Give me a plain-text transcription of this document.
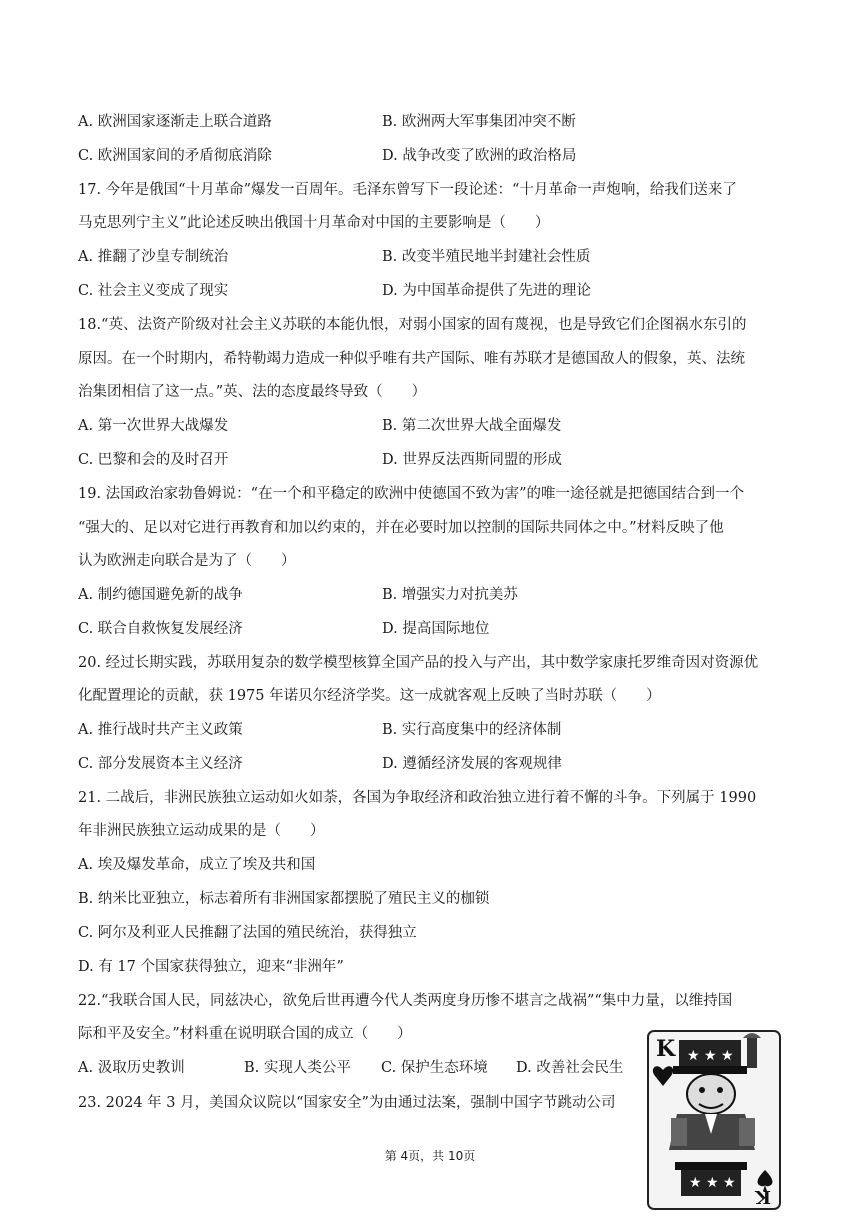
A. 欧洲国家逐渐走上联合道路	B. 欧洲两大军事集团冲突不断
C. 欧洲国家间的矛盾彻底消除	D. 战争改变了欧洲的政治格局
17. 今年是俄国“十月革命”爆发一百周年。毛泽东曾写下一段论述：“十月革命一声炮响，给我们送来了
马克思列宁主义”此论述反映出俄国十月革命对中国的主要影响是（　　）
A. 推翻了沙皇专制统治	B. 改变半殖民地半封建社会性质
C. 社会主义变成了现实	D. 为中国革命提供了先进的理论
18.“英、法资产阶级对社会主义苏联的本能仇恨，对弱小国家的固有蔑视，也是导致它们企图祸水东引的
原因。在一个时期内，希特勒竭力造成一种似乎唯有共产国际、唯有苏联才是德国敌人的假象，英、法统
治集团相信了这一点。”英、法的态度最终导致（　　）
A. 第一次世界大战爆发	B. 第二次世界大战全面爆发
C. 巴黎和会的及时召开	D. 世界反法西斯同盟的形成
19. 法国政治家勃鲁姆说：“在一个和平稳定的欧洲中使德国不致为害”的唯一途径就是把德国结合到一个
“强大的、足以对它进行再教育和加以约束的，并在必要时加以控制的国际共同体之中。”材料反映了他
认为欧洲走向联合是为了（　　）
A. 制约德国避免新的战争	B. 增强实力对抗美苏
C. 联合自救恢复发展经济	D. 提高国际地位
20. 经过长期实践，苏联用复杂的数学模型核算全国产品的投入与产出，其中数学家康托罗维奇因对资源优
化配置理论的贡献，获 1975 年诺贝尔经济学奖。这一成就客观上反映了当时苏联（　　）
A. 推行战时共产主义政策	B. 实行高度集中的经济体制
C. 部分发展资本主义经济	D. 遵循经济发展的客观规律
21. 二战后，非洲民族独立运动如火如荼，各国为争取经济和政治独立进行着不懈的斗争。下列属于 1990
年非洲民族独立运动成果的是（　　）
A. 埃及爆发革命，成立了埃及共和国
B. 纳米比亚独立，标志着所有非洲国家都摆脱了殖民主义的枷锁
C. 阿尔及利亚人民推翻了法国的殖民统治，获得独立
D. 有 17 个国家获得独立，迎来“非洲年”
22.“我联合国人民，同兹决心，欲免后世再遭今代人类两度身历惨不堪言之战祸”“集中力量，以维持国
际和平及安全。”材料重在说明联合国的成立（　　）
A. 汲取历史教训	B. 实现人类公平 C. 保护生态环境 D. 改善社会民生
23. 2024 年 3 月，美国众议院以“国家安全”为由通过法案，强制中国字节跳动公司
第 4页，共 10页
K ★ ★ ★
★ ★ ★
K
